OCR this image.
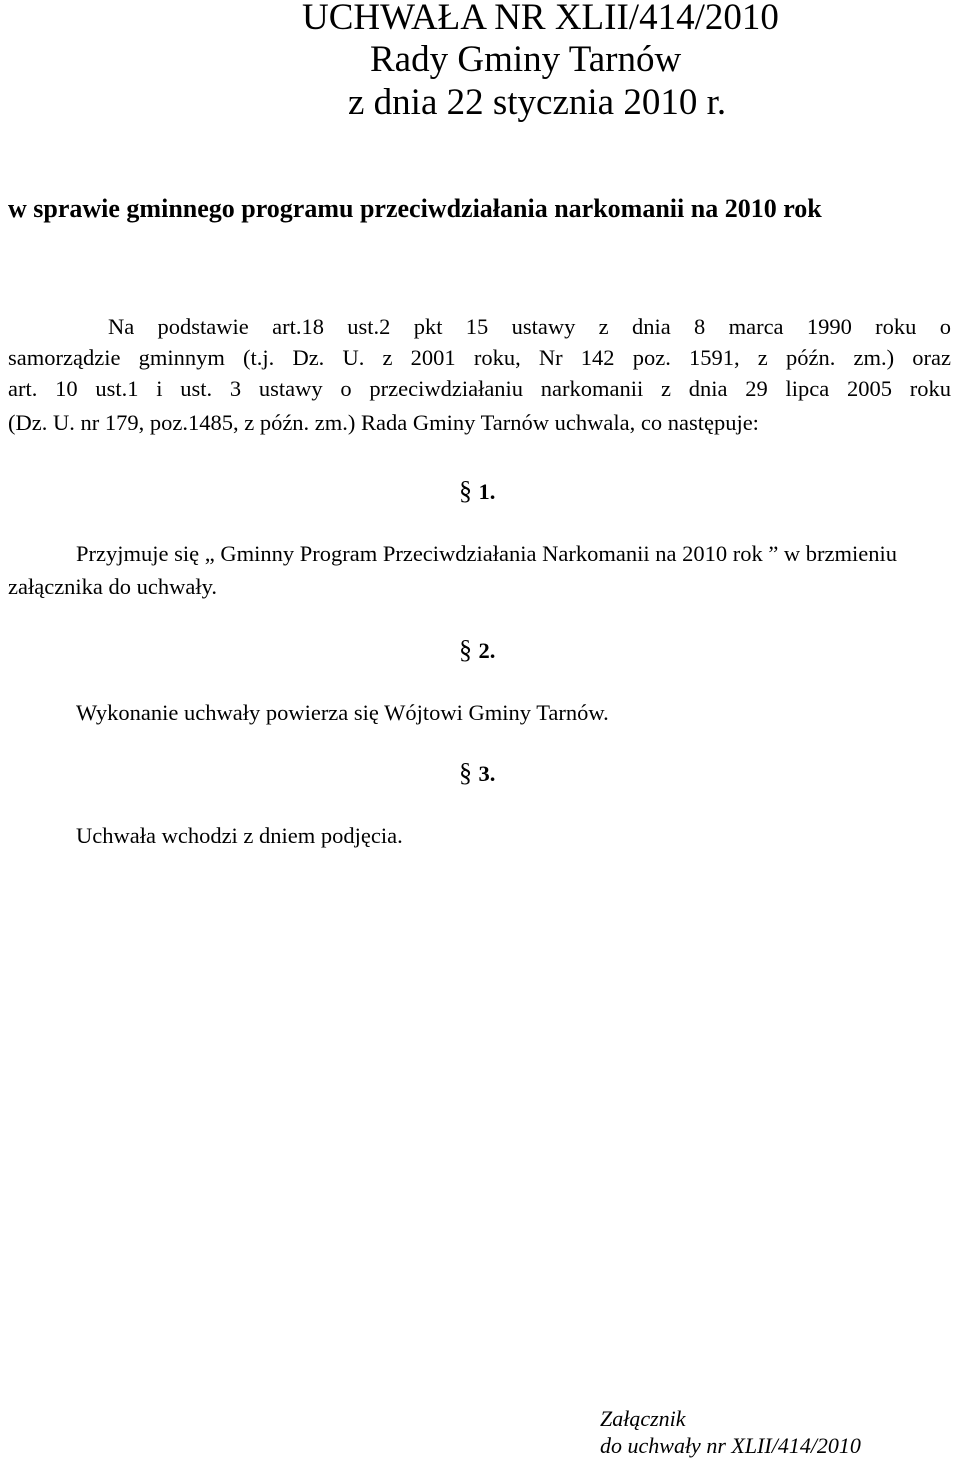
UCHWAŁA NR XLII/414/2010
Rady Gminy Tarnów
z dnia 22 stycznia 2010 r.
w sprawie gminnego programu przeciwdziałania narkomanii na 2010 rok
Na podstawie art.18 ust.2 pkt 15 ustawy z dnia 8 marca 1990 roku o
samorządzie gminnym (t.j. Dz. U. z 2001 roku, Nr 142 poz. 1591, z późn. zm.) oraz
art. 10 ust.1 i ust. 3 ustawy o przeciwdziałaniu narkomanii z dnia 29 lipca 2005 roku
(Dz. U. nr 179, poz.1485, z późn. zm.) Rada Gminy Tarnów uchwala, co następuje:
§ 1.
Przyjmuje się „ Gminny Program Przeciwdziałania Narkomanii na 2010 rok ” w brzmieniu załącznika do uchwały.
§ 2.
Wykonanie uchwały powierza się Wójtowi Gminy Tarnów.
§ 3.
Uchwała wchodzi z dniem podjęcia.
Załącznik
do uchwały nr XLII/414/2010
